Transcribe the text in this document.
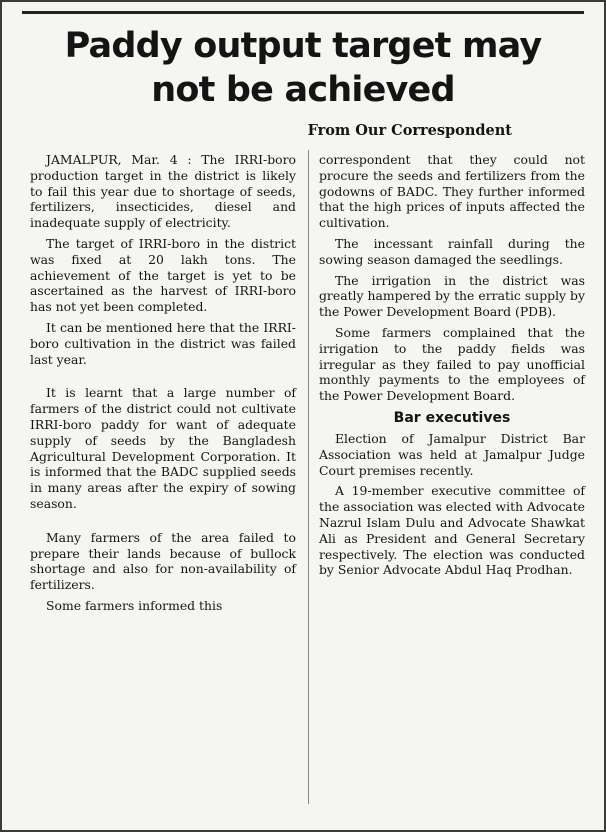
Paddy output target may
not be achieved

From Our Correspondent

JAMALPUR, Mar. 4 : The IRRI-boro production target in the district is likely to fail this year due to shortage of seeds, fertilizers, insecticides, diesel and inadequate supply of electricity.

The target of IRRI-boro in the district was fixed at 20 lakh tons. The achievement of the target is yet to be ascertained as the harvest of IRRI-boro has not yet been completed.

It can be mentioned here that the IRRI-boro cultivation in the district was failed last year.

It is learnt that a large number of farmers of the district could not cultivate IRRI-boro paddy for want of adequate supply of seeds by the Bangladesh Agricultural Development Corporation. It is informed that the BADC supplied seeds in many areas after the expiry of sowing season.

Many farmers of the area failed to prepare their lands because of bullock shortage and also for non-availability of fertilizers.

Some farmers informed this

correspondent that they could not procure the seeds and fertilizers from the godowns of BADC. They further informed that the high prices of inputs affected the cultivation.

The incessant rainfall during the sowing season damaged the seedlings.

The irrigation in the district was greatly hampered by the erratic supply by the Power Development Board (PDB).

Some farmers complained that the irrigation to the paddy fields was irregular as they failed to pay unofficial monthly payments to the employees of the Power Development Board.

Bar executives

Election of Jamalpur District Bar Association was held at Jamalpur Judge Court premises recently.

A 19-member executive committee of the association was elected with Advocate Nazrul Islam Dulu and Advocate Shawkat Ali as President and General Secretary respectively. The election was conducted by Senior Advocate Abdul Haq Prodhan.
